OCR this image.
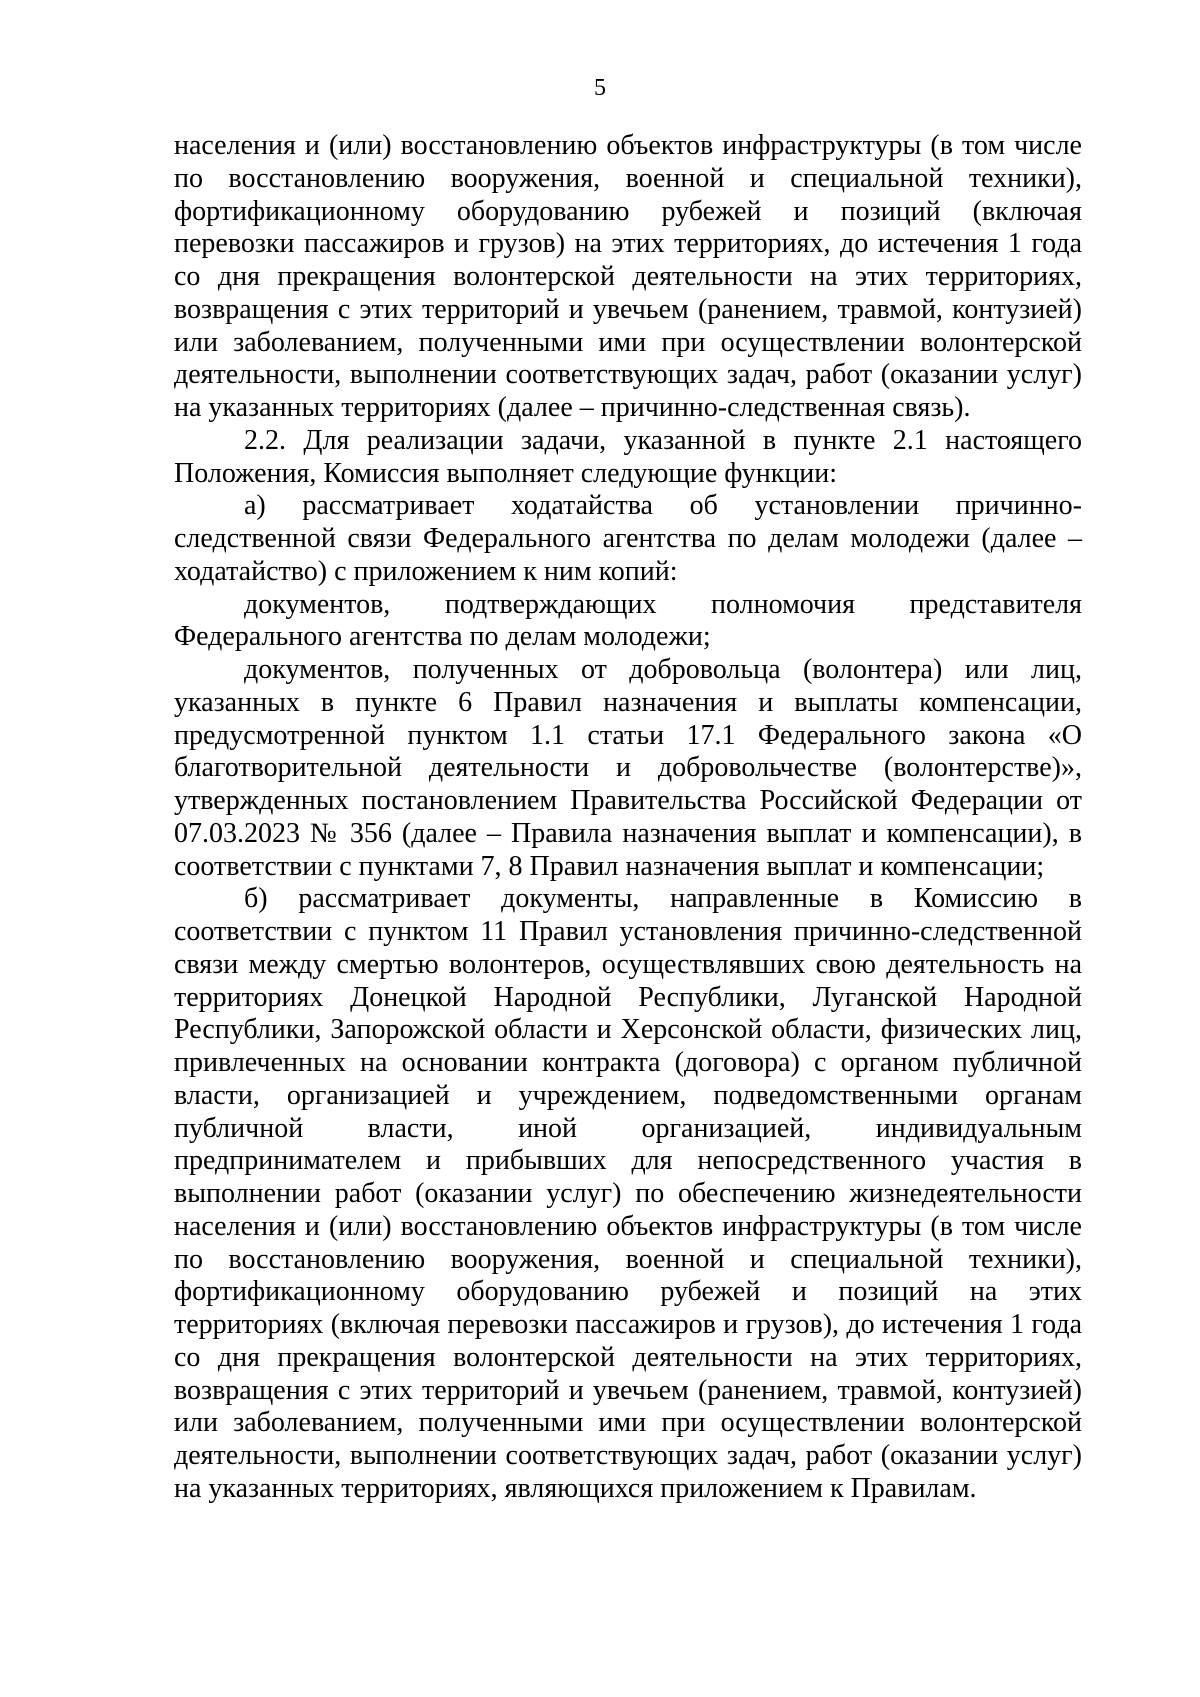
5

населения и (или) восстановлению объектов инфраструктуры (в том числе по восстановлению вооружения, военной и специальной техники), фортификационному оборудованию рубежей и позиций (включая перевозки пассажиров и грузов) на этих территориях, до истечения 1 года со дня прекращения волонтерской деятельности на этих территориях, возвращения с этих территорий и увечьем (ранением, травмой, контузией) или заболеванием, полученными ими при осуществлении волонтерской деятельности, выполнении соответствующих задач, работ (оказании услуг) на указанных территориях (далее – причинно-следственная связь).

2.2. Для реализации задачи, указанной в пункте 2.1 настоящего Положения, Комиссия выполняет следующие функции:

а) рассматривает ходатайства об установлении причинно-следственной связи Федерального агентства по делам молодежи (далее – ходатайство) с приложением к ним копий:

документов, подтверждающих полномочия представителя Федерального агентства по делам молодежи;

документов, полученных от добровольца (волонтера) или лиц, указанных в пункте 6 Правил назначения и выплаты компенсации, предусмотренной пунктом 1.1 статьи 17.1 Федерального закона «О благотворительной деятельности и добровольчестве (волонтерстве)», утвержденных постановлением Правительства Российской Федерации от 07.03.2023 № 356 (далее – Правила назначения выплат и компенсации), в соответствии с пунктами 7, 8 Правил назначения выплат и компенсации;

б) рассматривает документы, направленные в Комиссию в соответствии с пунктом 11 Правил установления причинно-следственной связи между смертью волонтеров, осуществлявших свою деятельность на территориях Донецкой Народной Республики, Луганской Народной Республики, Запорожской области и Херсонской области, физических лиц, привлеченных на основании контракта (договора) с органом публичной власти, организацией и учреждением, подведомственными органам публичной власти, иной организацией, индивидуальным предпринимателем и прибывших для непосредственного участия в выполнении работ (оказании услуг) по обеспечению жизнедеятельности населения и (или) восстановлению объектов инфраструктуры (в том числе по восстановлению вооружения, военной и специальной техники), фортификационному оборудованию рубежей и позиций на этих территориях (включая перевозки пассажиров и грузов), до истечения 1 года со дня прекращения волонтерской деятельности на этих территориях, возвращения с этих территорий и увечьем (ранением, травмой, контузией) или заболеванием, полученными ими при осуществлении волонтерской деятельности, выполнении соответствующих задач, работ (оказании услуг) на указанных территориях, являющихся приложением к Правилам.
